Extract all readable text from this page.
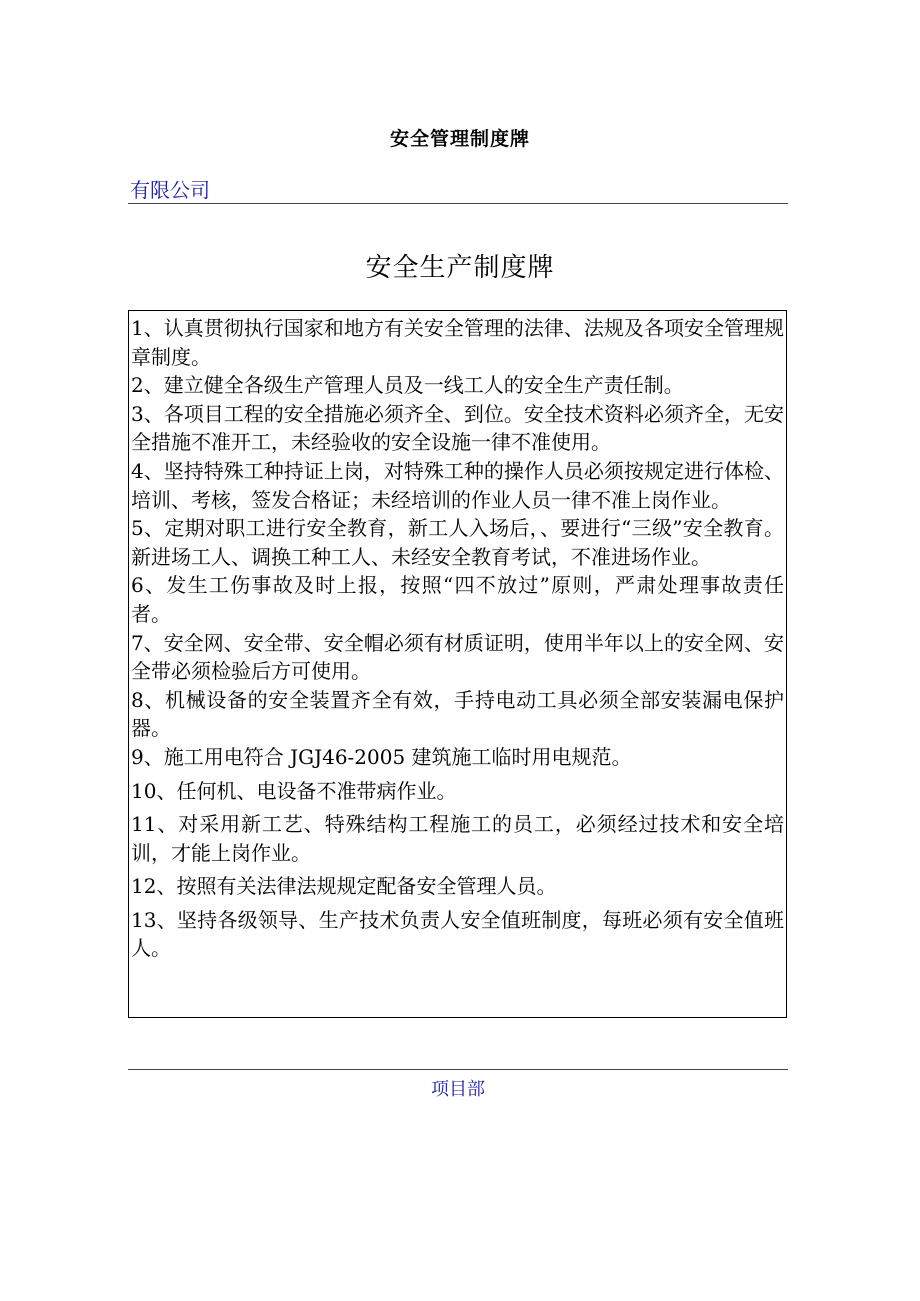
安全管理制度牌

有限公司

安全生产制度牌

1、认真贯彻执行国家和地方有关安全管理的法律、法规及各项安全管理规章制度。

2、建立健全各级生产管理人员及一线工人的安全生产责任制。

3、各项目工程的安全措施必须齐全、到位。安全技术资料必须齐全，无安全措施不准开工，未经验收的安全设施一律不准使用。

4、坚持特殊工种持证上岗，对特殊工种的操作人员必须按规定进行体检、培训、考核，签发合格证；未经培训的作业人员一律不准上岗作业。

5、定期对职工进行安全教育，新工人入场后，、要进行“三级”安全教育。新进场工人、调换工种工人、未经安全教育考试，不准进场作业。

6、发生工伤事故及时上报，按照“四不放过”原则，严肃处理事故责任者。

7、安全网、安全带、安全帽必须有材质证明，使用半年以上的安全网、安全带必须检验后方可使用。

8、机械设备的安全装置齐全有效，手持电动工具必须全部安装漏电保护器。

9、施工用电符合 JGJ46-2005 建筑施工临时用电规范。

10、任何机、电设备不准带病作业。

11、对采用新工艺、特殊结构工程施工的员工，必须经过技术和安全培训，才能上岗作业。

12、按照有关法律法规规定配备安全管理人员。

13、坚持各级领导、生产技术负责人安全值班制度，每班必须有安全值班人。

项目部
